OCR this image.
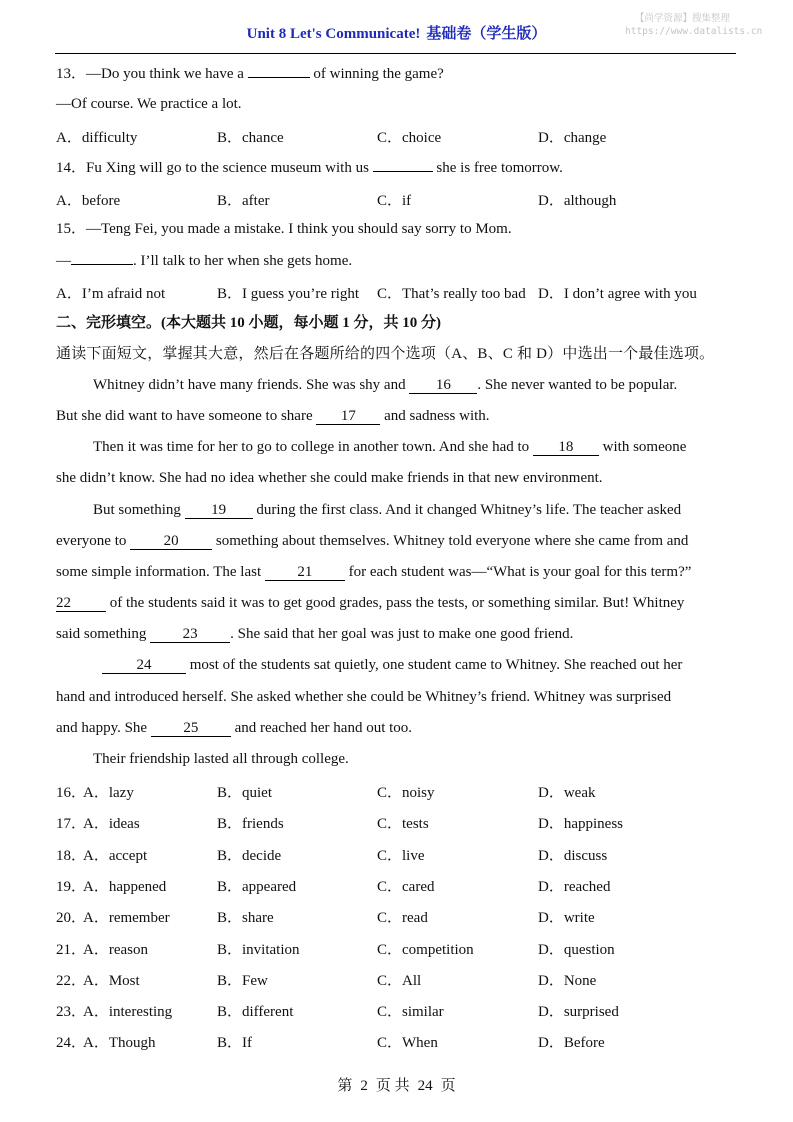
Unit 8 Let's Communicate! 基础卷（学生版）
【尚学资源】搜集整理
https://www.datalists.cn
13．—Do you think we have a	of winning the game?
—Of course. We practice a lot.
A．difficulty	B．chance	C．choice	D．change
14．Fu Xing will go to the science museum with us	she is free tomorrow.
A．before	B．after	C．if	D．although
15．—Teng Fei, you made a mistake. I think you should say sorry to Mom.
—	. I’ll talk to her when she gets home.
A．I’m afraid not	B．I guess you’re right C．That’s really too bad D．I don’t agree with you
二、完形填空。(本大题共 10 小题，每小题 1 分，共 10 分)
通读下面短文，掌握其大意，然后在各题所给的四个选项（A、B、C 和 D）中选出一个最佳选项。
Whitney didn’t have many friends. She was shy and 16 . She never wanted to be popular.
But she did want to have someone to share 17 and sadness with.
Then it was time for her to go to college in another town. And she had to 18 with someone
she didn’t know. She had no idea whether she could make friends in that new environment.
But something 19 during the first class. And it changed Whitney’s life. The teacher asked
everyone to 20 something about themselves. Whitney told everyone where she came from and
some simple information. The last 21 for each student was—“What is your goal for this term?”
22	of the students said it was to get good grades, pass the tests, or something similar. But! Whitney
said something 23 . She said that her goal was just to make one good friend.
24	most of the students sat quietly, one student came to Whitney. She reached out her
hand and introduced herself. She asked whether she could be Whitney’s friend. Whitney was surprised
and happy. She 25 and reached her hand out too.
Their friendship lasted all through college.
16．
A．lazy	B．quiet	C．noisy	D．weak
17．
A．ideas	B．friends	C．tests	D．happiness
18．
A．accept	B．decide	C．live	D．discuss
19．
A．happened	B．appeared	C．cared	D．reached
20．
A．remember	B．share	C．read	D．write
21．
A．reason	B．invitation	C．competition	D．question
22．
A．Most	B．Few	C．All	D．None
23．
A．interesting	B．different	C．similar	D．surprised
24．
A．Though	B．If	C．When	D．Before
第 2 页 共 24 页
